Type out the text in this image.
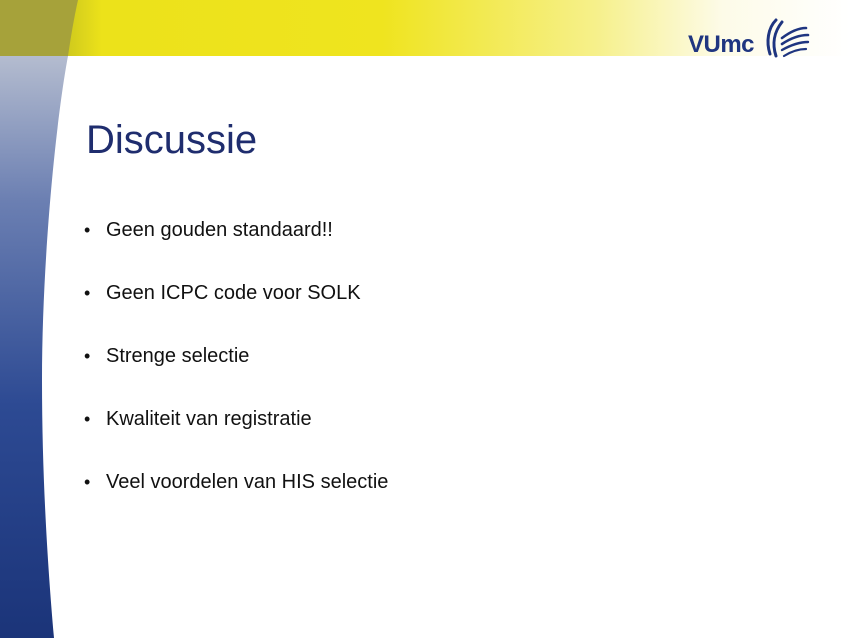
VUmc
Discussie
• Geen gouden standaard!!
• Geen ICPC code voor SOLK
• Strenge selectie
• Kwaliteit van registratie
• Veel voordelen van HIS selectie
